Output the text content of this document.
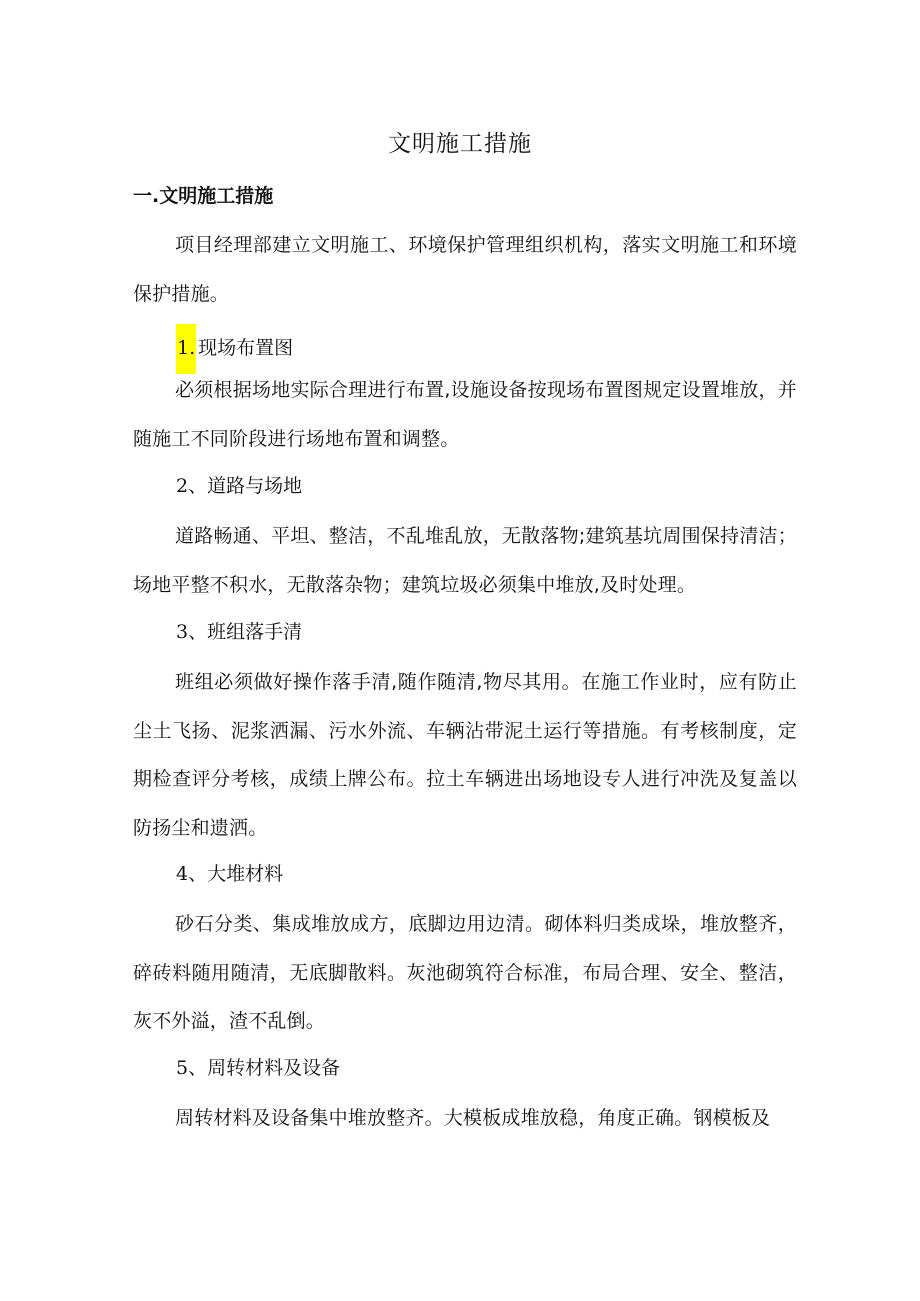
文明施工措施
一.文明施工措施
项目经理部建立文明施工、环境保护管理组织机构，落实文明施工和环境保护措施。
1. 现场布置图
必须根据场地实际合理进行布置,设施设备按现场布置图规定设置堆放，并随施工不同阶段进行场地布置和调整。
2、道路与场地
道路畅通、平坦、整洁，不乱堆乱放，无散落物;建筑基坑周围保持清洁；场地平整不积水，无散落杂物；建筑垃圾必须集中堆放,及时处理。
3、班组落手清
班组必须做好操作落手清,随作随清,物尽其用。在施工作业时，应有防止尘土飞扬、泥浆洒漏、污水外流、车辆沾带泥土运行等措施。有考核制度，定期检查评分考核，成绩上牌公布。拉土车辆进出场地设专人进行冲洗及复盖以防扬尘和遗洒。
4、大堆材料
砂石分类、集成堆放成方，底脚边用边清。砌体料归类成垛，堆放整齐，碎砖料随用随清，无底脚散料。灰池砌筑符合标准，布局合理、安全、整洁，灰不外溢，渣不乱倒。
5、周转材料及设备
周转材料及设备集中堆放整齐。大模板成堆放稳，角度正确。钢模板及
